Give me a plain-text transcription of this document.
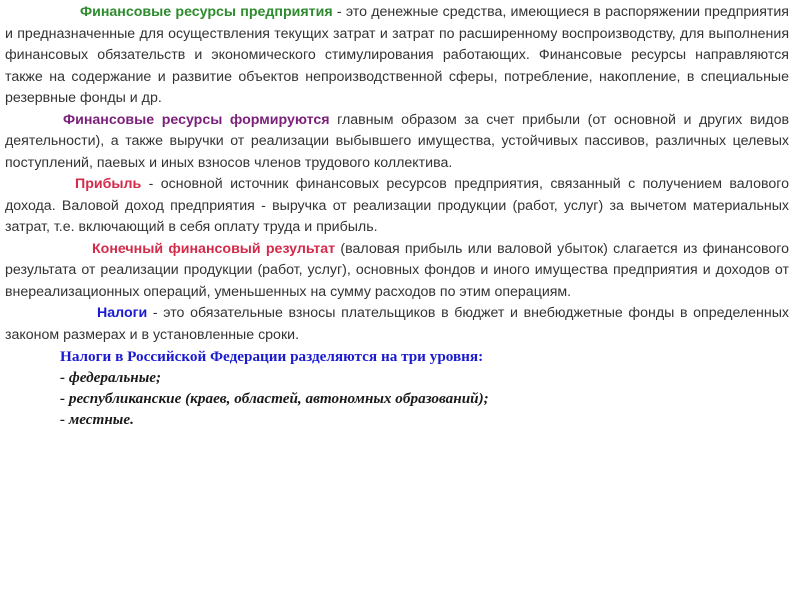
Финансовые ресурсы предприятия - это денежные средства, имеющиеся в распоряжении предприятия и предназначенные для осуществления текущих затрат и затрат по расширенному воспроизводству, для выполнения финансовых обязательств и экономического стимулирования работающих. Финансовые ресурсы направляются также на содержание и развитие объектов непроизводственной сферы, потребление, накопление, в специальные резервные фонды и др.

Финансовые ресурсы формируются главным образом за счет прибыли (от основной и других видов деятельности), а также выручки от реализации выбывшего имущества, устойчивых пассивов, различных целевых поступлений, паевых и иных взносов членов трудового коллектива.

Прибыль - основной источник финансовых ресурсов предприятия, связанный с получением валового дохода. Валовой доход предприятия - выручка от реализации продукции (работ, услуг) за вычетом материальных затрат, т.е. включающий в себя оплату труда и прибыль.

Конечный финансовый результат (валовая прибыль или валовой убыток) слагается из финансового результата от реализации продукции (работ, услуг), основных фондов и иного имущества предприятия и доходов от внереализационных операций, уменьшенных на сумму расходов по этим операциям.

Налоги - это обязательные взносы плательщиков в бюджет и внебюджетные фонды в определенных законом размерах и в установленные сроки.

Налоги в Российской Федерации разделяются на три уровня:
- федеральные;
- республиканские (краев, областей, автономных образований);
- местные.
